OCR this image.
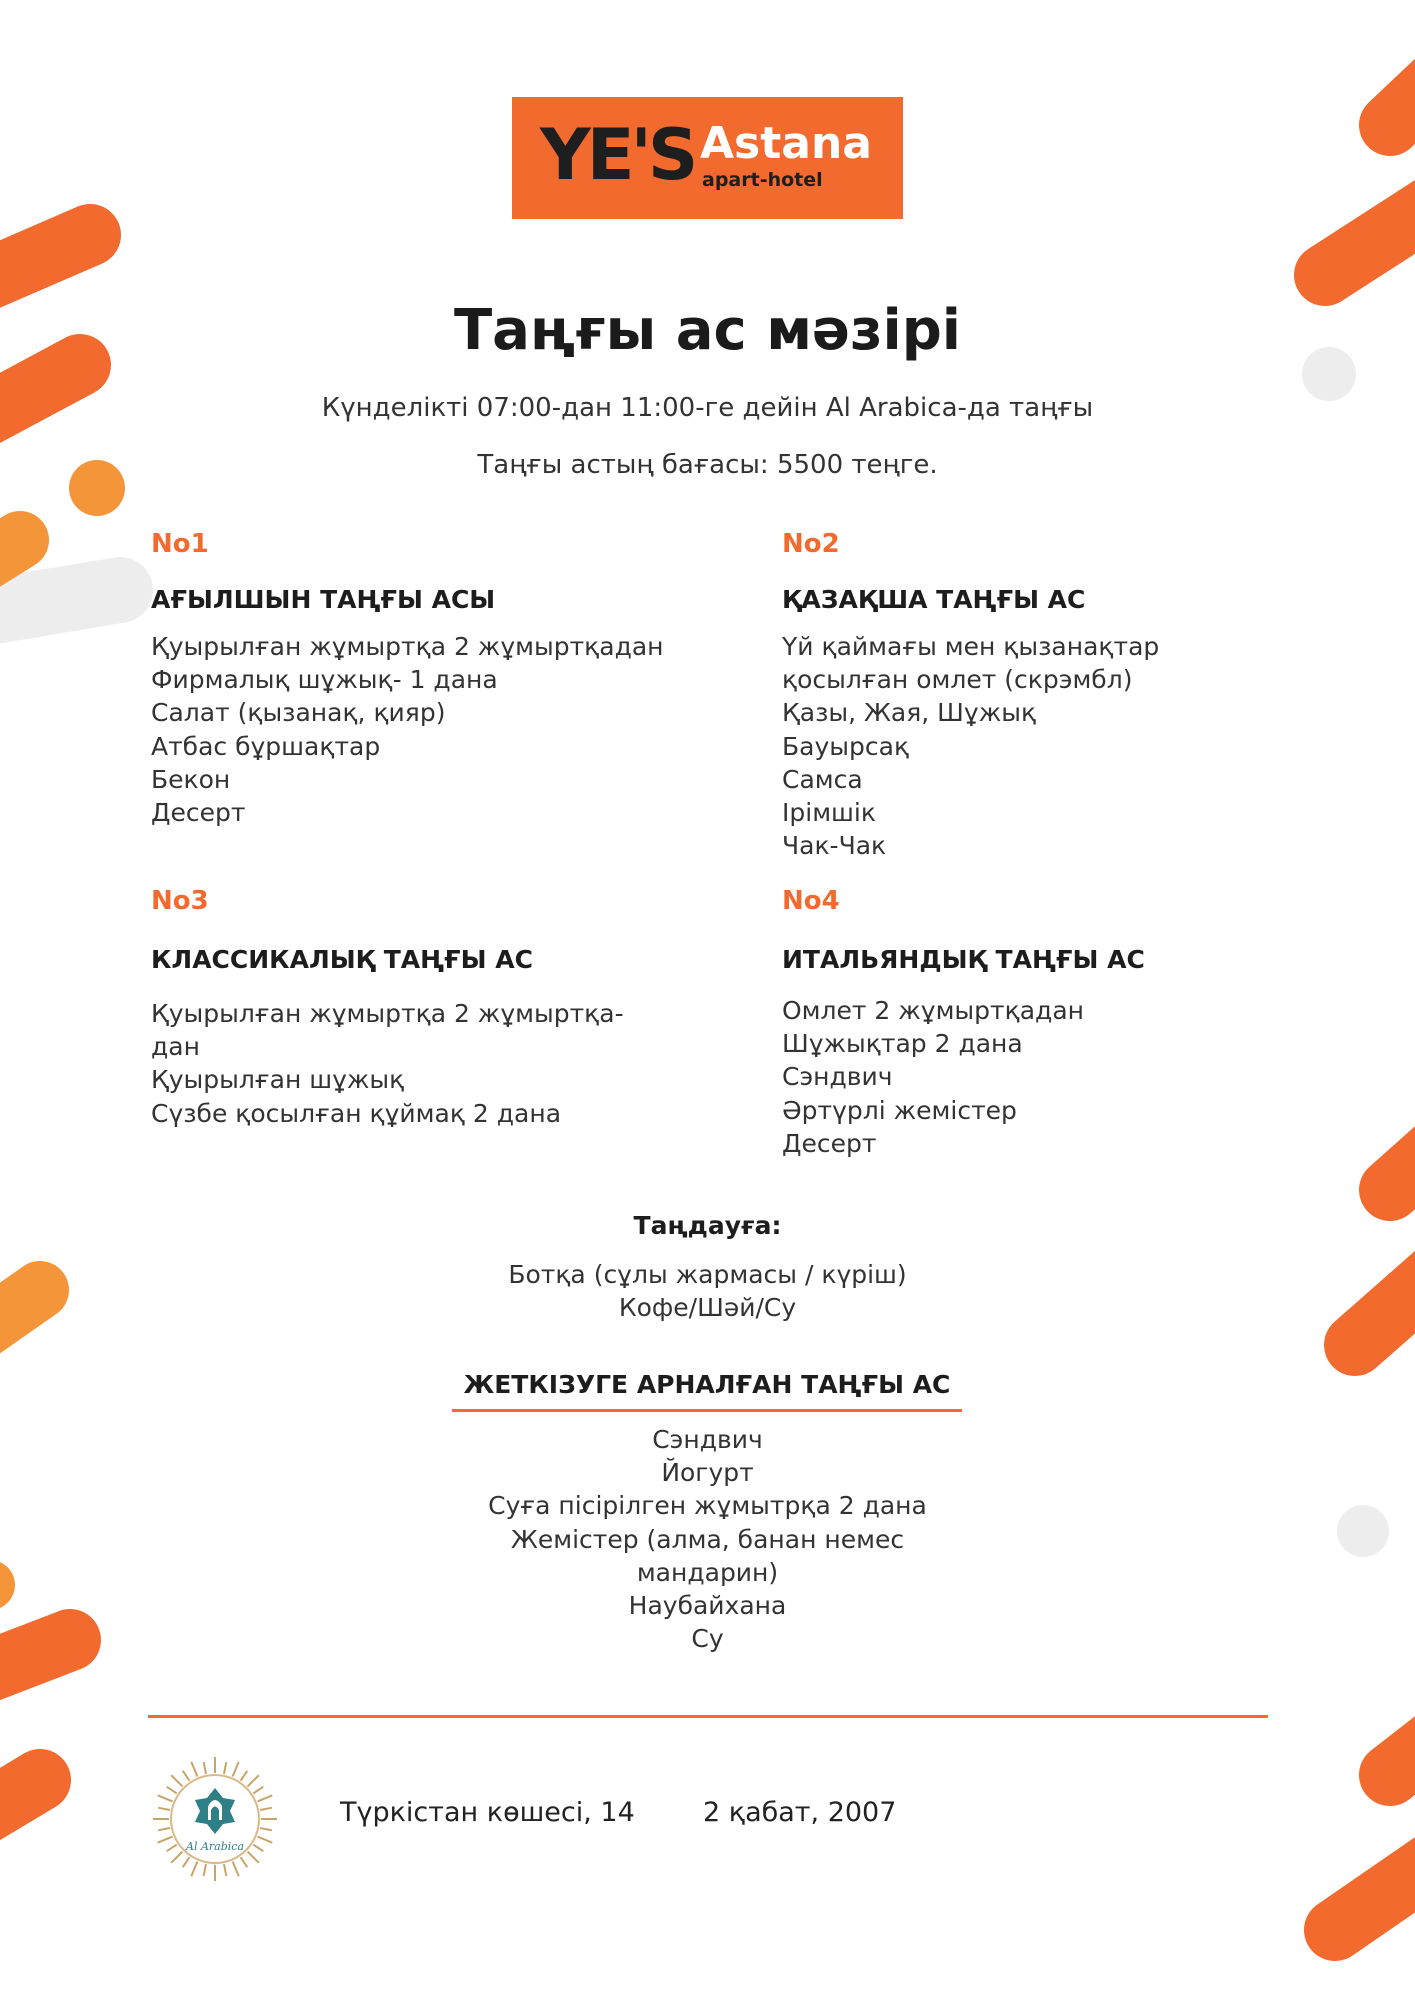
YE'S Astana
apart-hotel
Таңғы ас мәзірі
Күнделікті 07:00-дан 11:00-ге дейін Al Arabica-да таңғы
Таңғы астың бағасы: 5500 теңге.
No1
АҒЫЛШЫН ТАҢҒЫ АСЫ
Қуырылған жұмыртқа 2 жұмыртқадан
Фирмалық шұжық- 1 дана
Салат (қызанақ, қияр)
Атбас бұршақтар
Бекон
Десерт
No2
ҚАЗАҚША ТАҢҒЫ АС
Үй қаймағы мен қызанақтар
қосылған омлет (скрэмбл)
Қазы, Жая, Шұжық
Бауырсақ
Самса
Ірімшік
Чак-Чак
No3
КЛАССИКАЛЫҚ ТАҢҒЫ АС
Қуырылған жұмыртқа 2 жұмыртқа-
дан
Қуырылған шұжық
Сүзбе қосылған құймақ 2 дана
No4
ИТАЛЬЯНДЫҚ ТАҢҒЫ АС
Омлет 2 жұмыртқадан
Шұжықтар 2 дана
Сэндвич
Әртүрлі жемістер
Десерт
Таңдауға:
Ботқа (сұлы жармасы / күріш)
Кофе/Шәй/Су
ЖЕТКІЗУГЕ АРНАЛҒАН ТАҢҒЫ АС
Сэндвич
Йогурт
Суға пісірілген жұмытрқа 2 дана
Жемістер (алма, банан немес
мандарин)
Наубайхана
Су
Al Arabica
Түркістан көшесі, 14	2 қабат, 2007
